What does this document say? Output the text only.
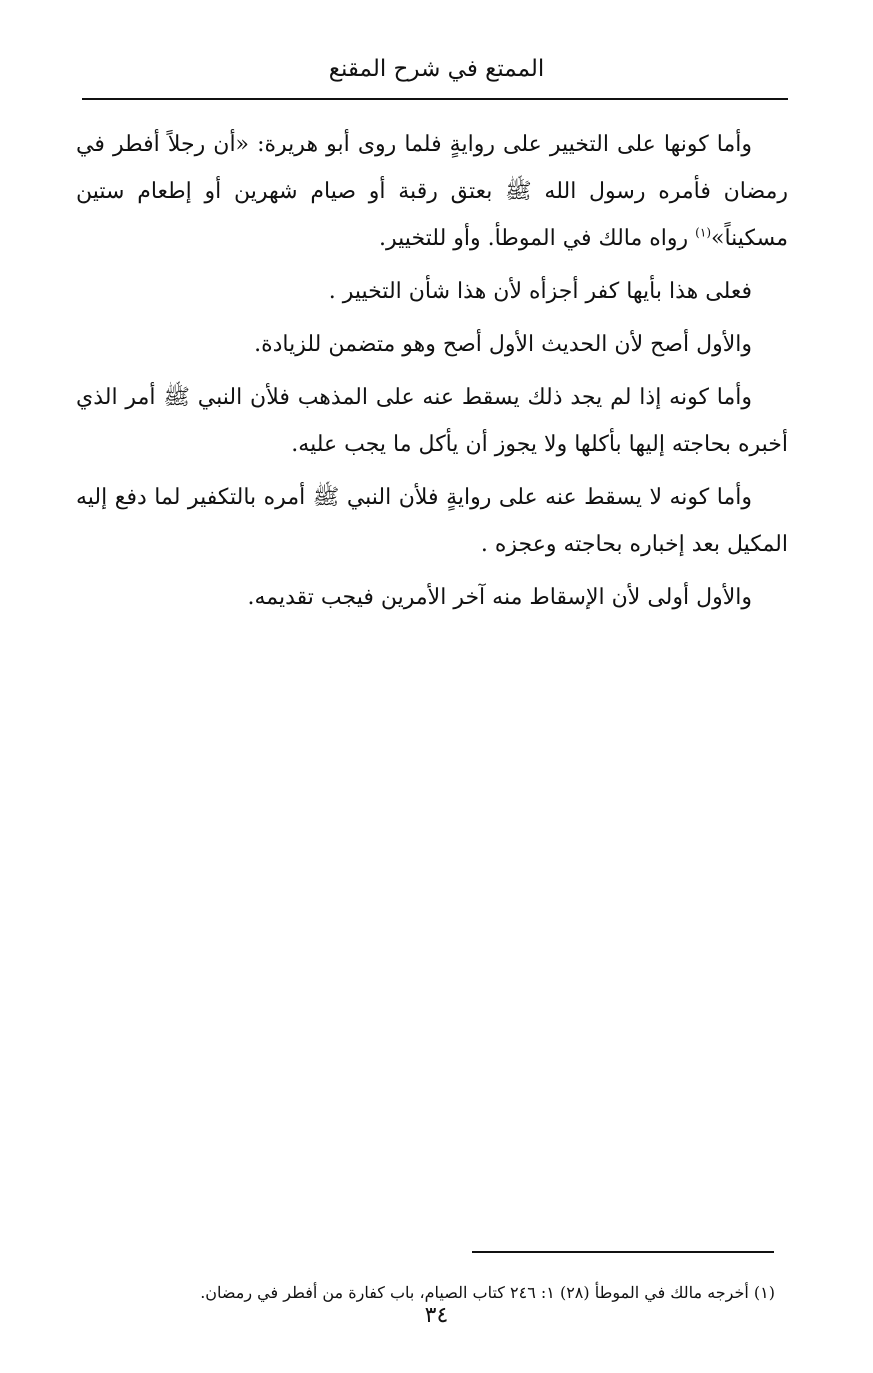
الممتع في شرح المقنع

وأما كونها على التخيير على روايةٍ فلما روى أبو هريرة: «أن رجلاً أفطر في رمضان فأمره رسول الله ﷺ بعتق رقبة أو صيام شهرين أو إطعام ستين مسكيناً»$^{(١)}$ رواه مالك في الموطأ. وأو للتخيير.

فعلى هذا بأيها كفر أجزأه لأن هذا شأن التخيير .

والأول أصح لأن الحديث الأول أصح وهو متضمن للزيادة.

وأما كونه إذا لم يجد ذلك يسقط عنه على المذهب فلأن النبي ﷺ أمر الذي أخبره بحاجته إليها بأكلها ولا يجوز أن يأكل ما يجب عليه.

وأما كونه لا يسقط عنه على روايةٍ فلأن النبي ﷺ أمره بالتكفير لما دفع إليه المكيل بعد إخباره بحاجته وعجزه .

والأول أولى لأن الإسقاط منه آخر الأمرين فيجب تقديمه.

(١) أخرجه مالك في الموطأ (٢٨) ١: ٢٤٦ كتاب الصيام، باب كفارة من أفطر في رمضان.
٣٤
